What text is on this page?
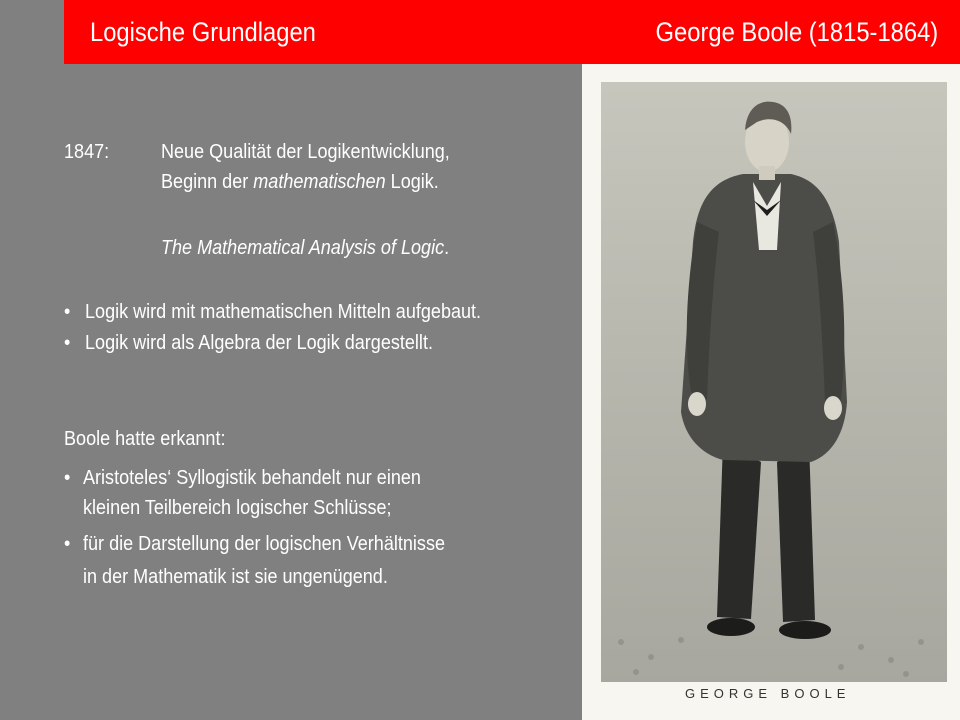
Logische Grundlagen	George Boole (1815-1864)
1847:	Neue Qualität der Logikentwicklung,
Beginn der mathematischen Logik.
The Mathematical Analysis of Logic.
• Logik wird mit mathematischen Mitteln aufgebaut.
• Logik wird als Algebra der Logik dargestellt.
Boole hatte erkannt:
• Aristoteles‘ Syllogistik behandelt nur einen
kleinen Teilbereich logischer Schlüsse;
• für die Darstellung der logischen Verhältnisse
in der Mathematik ist sie ungenügend.
GEORGE BOOLE
